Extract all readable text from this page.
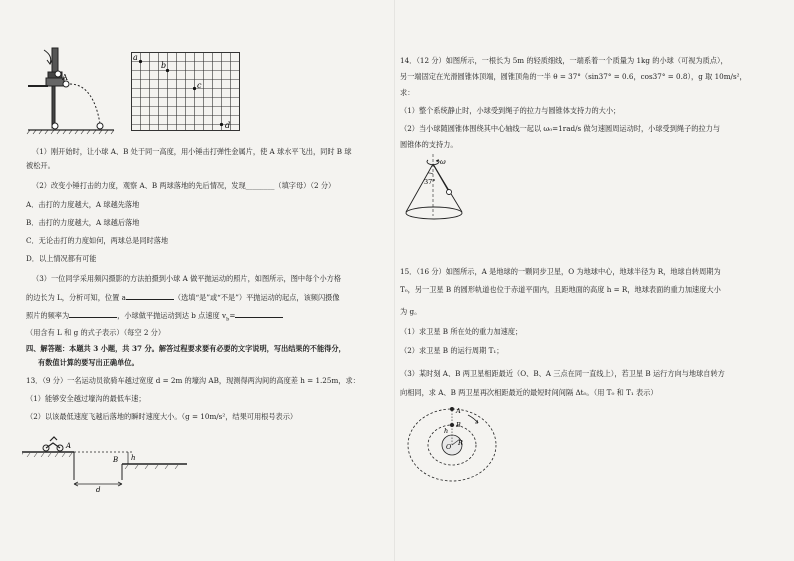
A
a
b
c
d
（1）刚开始时，让小球 A、B 处于同一高度，用小锤击打弹性金属片，使 A 球水平飞出，同时 B 球
被松开。
（2）改变小锤打击的力度，观察 A、B 两球落地的先后情况，发现________（填字母）（2 分）
A．击打的力度越大，A 球越先落地
B．击打的力度越大，A 球越后落地
C．无论击打的力度如何，两球总是同时落地
D．以上情况都有可能
（3）一位同学采用频闪摄影的方法拍摄到小球 A 做平抛运动的照片，如图所示，图中每个小方格
的边长为 L，分析可知，位置 a	（选填“是”或“不是”）平抛运动的起点，该频闪摄像
照片的频率为	，小球做平抛运动到达 b 点速度 $v_b=$
（用含有 L 和 g 的式子表示）（每空 2 分）
四、解答题：本题共 3 小题，共 37 分。解答过程要求要有必要的文字说明，写出结果的不能得分，
有数值计算的要写出正确单位。
13．（9 分）一名运动员欲骑车越过宽度 d = 2m 的壕沟 AB，现测得两沟间的高度差 h = 1.25m，求：
（1）能够安全越过壕沟的最低车速；
（2）以该最低速度飞越后落地的瞬时速度大小。（g = 10m/s²，结果可用根号表示）
A
B h
d
14．（12 分）如图所示，一根长为 5m 的轻质细线，一端系着一个质量为 1kg 的小球（可视为质点），
另一端固定在光滑圆锥体顶端，圆锥顶角的一半 θ = 37°（sin37° = 0.6，cos37° = 0.8），g 取 10m/s²，
求：
（1）整个系统静止时，小球受到绳子的拉力与圆锥体支持力的大小；
（2）当小球随圆锥体围绕其中心轴线一起以 ω₀=1rad/s 做匀速圆周运动时，小球受到绳子的拉力与
圆锥体的支持力。
ω
37°
15．（16 分）如图所示，A 是地球的一颗同步卫星，O 为地球中心，地球半径为 R，地球自转周期为
T₀，另一卫星 B 的圆形轨道也位于赤道平面内，且距地面的高度 h = R，地球表面的重力加速度大小
为 g。
（1）求卫星 B 所在处的重力加速度；
（2）求卫星 B 的运行周期 T₁；
（3）某时刻 A、B 两卫星相距最近（O、B、A 三点在同一直线上），若卫星 B 运行方向与地球自转方
向相同，求 A、B 两卫星再次相距最近的最短时间间隔 Δt₀。（用 T₀ 和 T₁ 表示）
A
B
O R
h
